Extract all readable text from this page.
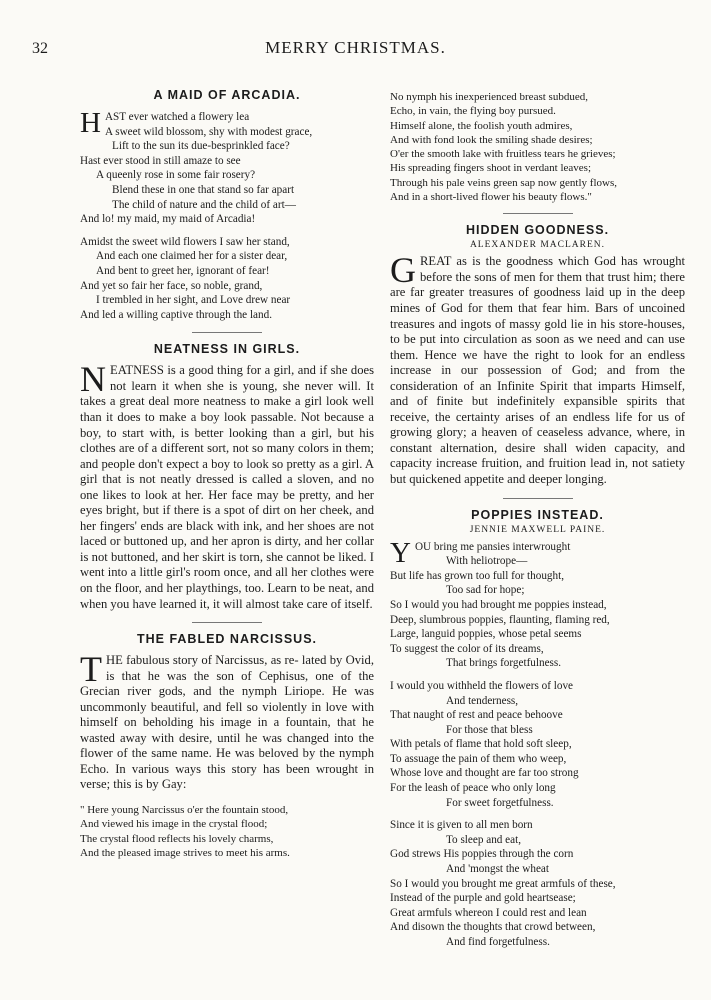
32	MERRY CHRISTMAS.
A MAID OF ARCADIA.
H AST ever watched a flowery lea
A sweet wild blossom, shy with modest grace,
Lift to the sun its due-besprinkled face?
Hast ever stood in still amaze to see
A queenly rose in some fair rosery?
Blend these in one that stand so far apart
The child of nature and the child of art—
And lo! my maid, my maid of Arcadia!
Amidst the sweet wild flowers I saw her stand,
And each one claimed her for a sister dear,
And bent to greet her, ignorant of fear!
And yet so fair her face, so noble, grand,
I trembled in her sight, and Love drew near
And led a willing captive through the land.
NEATNESS IN GIRLS.
N EATNESS is a good thing for a girl, and if she does not learn it when she is young, she never will. It takes a great deal more neatness to make a girl look well than it does to make a boy look passable. Not because a boy, to start with, is better looking than a girl, but his clothes are of a different sort, not so many colors in them; and people don't expect a boy to look so pretty as a girl. A girl that is not neatly dressed is called a sloven, and no one likes to look at her. Her face may be pretty, and her eyes bright, but if there is a spot of dirt on her cheek, and her fingers' ends are black with ink, and her shoes are not laced or buttoned up, and her apron is dirty, and her collar is not buttoned, and her skirt is torn, she cannot be liked. I went into a little girl's room once, and all her clothes were on the floor, and her playthings, too. Learn to be neat, and when you have learned it, it will almost take care of itself.
THE FABLED NARCISSUS.
T HE fabulous story of Narcissus, as re- lated by Ovid, is that he was the son of Cephisus, one of the Grecian river gods, and the nymph Liriope. He was uncommonly beautiful, and fell so violently in love with himself on beholding his image in a fountain, that he wasted away with desire, until he was changed into the flower of the same name. He was beloved by the nymph Echo. In various ways this story has been wrought in verse; this is by Gay:
" Here young Narcissus o'er the fountain stood,
And viewed his image in the crystal flood;
The crystal flood reflects his lovely charms,
And the pleased image strives to meet his arms.
No nymph his inexperienced breast subdued,
Echo, in vain, the flying boy pursued.
Himself alone, the foolish youth admires,
And with fond look the smiling shade desires;
O'er the smooth lake with fruitless tears he grieves;
His spreading fingers shoot in verdant leaves;
Through his pale veins green sap now gently flows,
And in a short-lived flower his beauty flows."
HIDDEN GOODNESS.
ALEXANDER MACLAREN.
G REAT as is the goodness which God has wrought before the sons of men for them that trust him; there are far greater treasures of goodness laid up in the deep mines of God for them that fear him. Bars of uncoined treasures and ingots of massy gold lie in his store-houses, to be put into circulation as soon as we need and can use them. Hence we have the right to look for an endless increase in our possession of God; and from the consideration of an Infinite Spirit that imparts Himself, and of finite but indefinitely expansible spirits that receive, the certainty arises of an endless life for us of growing glory; a heaven of ceaseless advance, where, in constant alternation, desire shall widen capacity, and capacity increase fruition, and fruition lead in, not satiety but quickened appetite and deeper longing.
POPPIES INSTEAD.
JENNIE MAXWELL PAINE.
Y OU bring me pansies interwrought
With heliotrope—
But life has grown too full for thought,
Too sad for hope;
So I would you had brought me poppies instead,
Deep, slumbrous poppies, flaunting, flaming red,
Large, languid poppies, whose petal seems
To suggest the color of its dreams,
That brings forgetfulness.
I would you withheld the flowers of love
And tenderness,
That naught of rest and peace behoove
For those that bless
With petals of flame that hold soft sleep,
To assuage the pain of them who weep,
Whose love and thought are far too strong
For the leash of peace who only long
For sweet forgetfulness.
Since it is given to all men born
To sleep and eat,
God strews His poppies through the corn
And 'mongst the wheat
So I would you brought me great armfuls of these,
Instead of the purple and gold heartsease;
Great armfuls whereon I could rest and lean
And disown the thoughts that crowd between,
And find forgetfulness.
